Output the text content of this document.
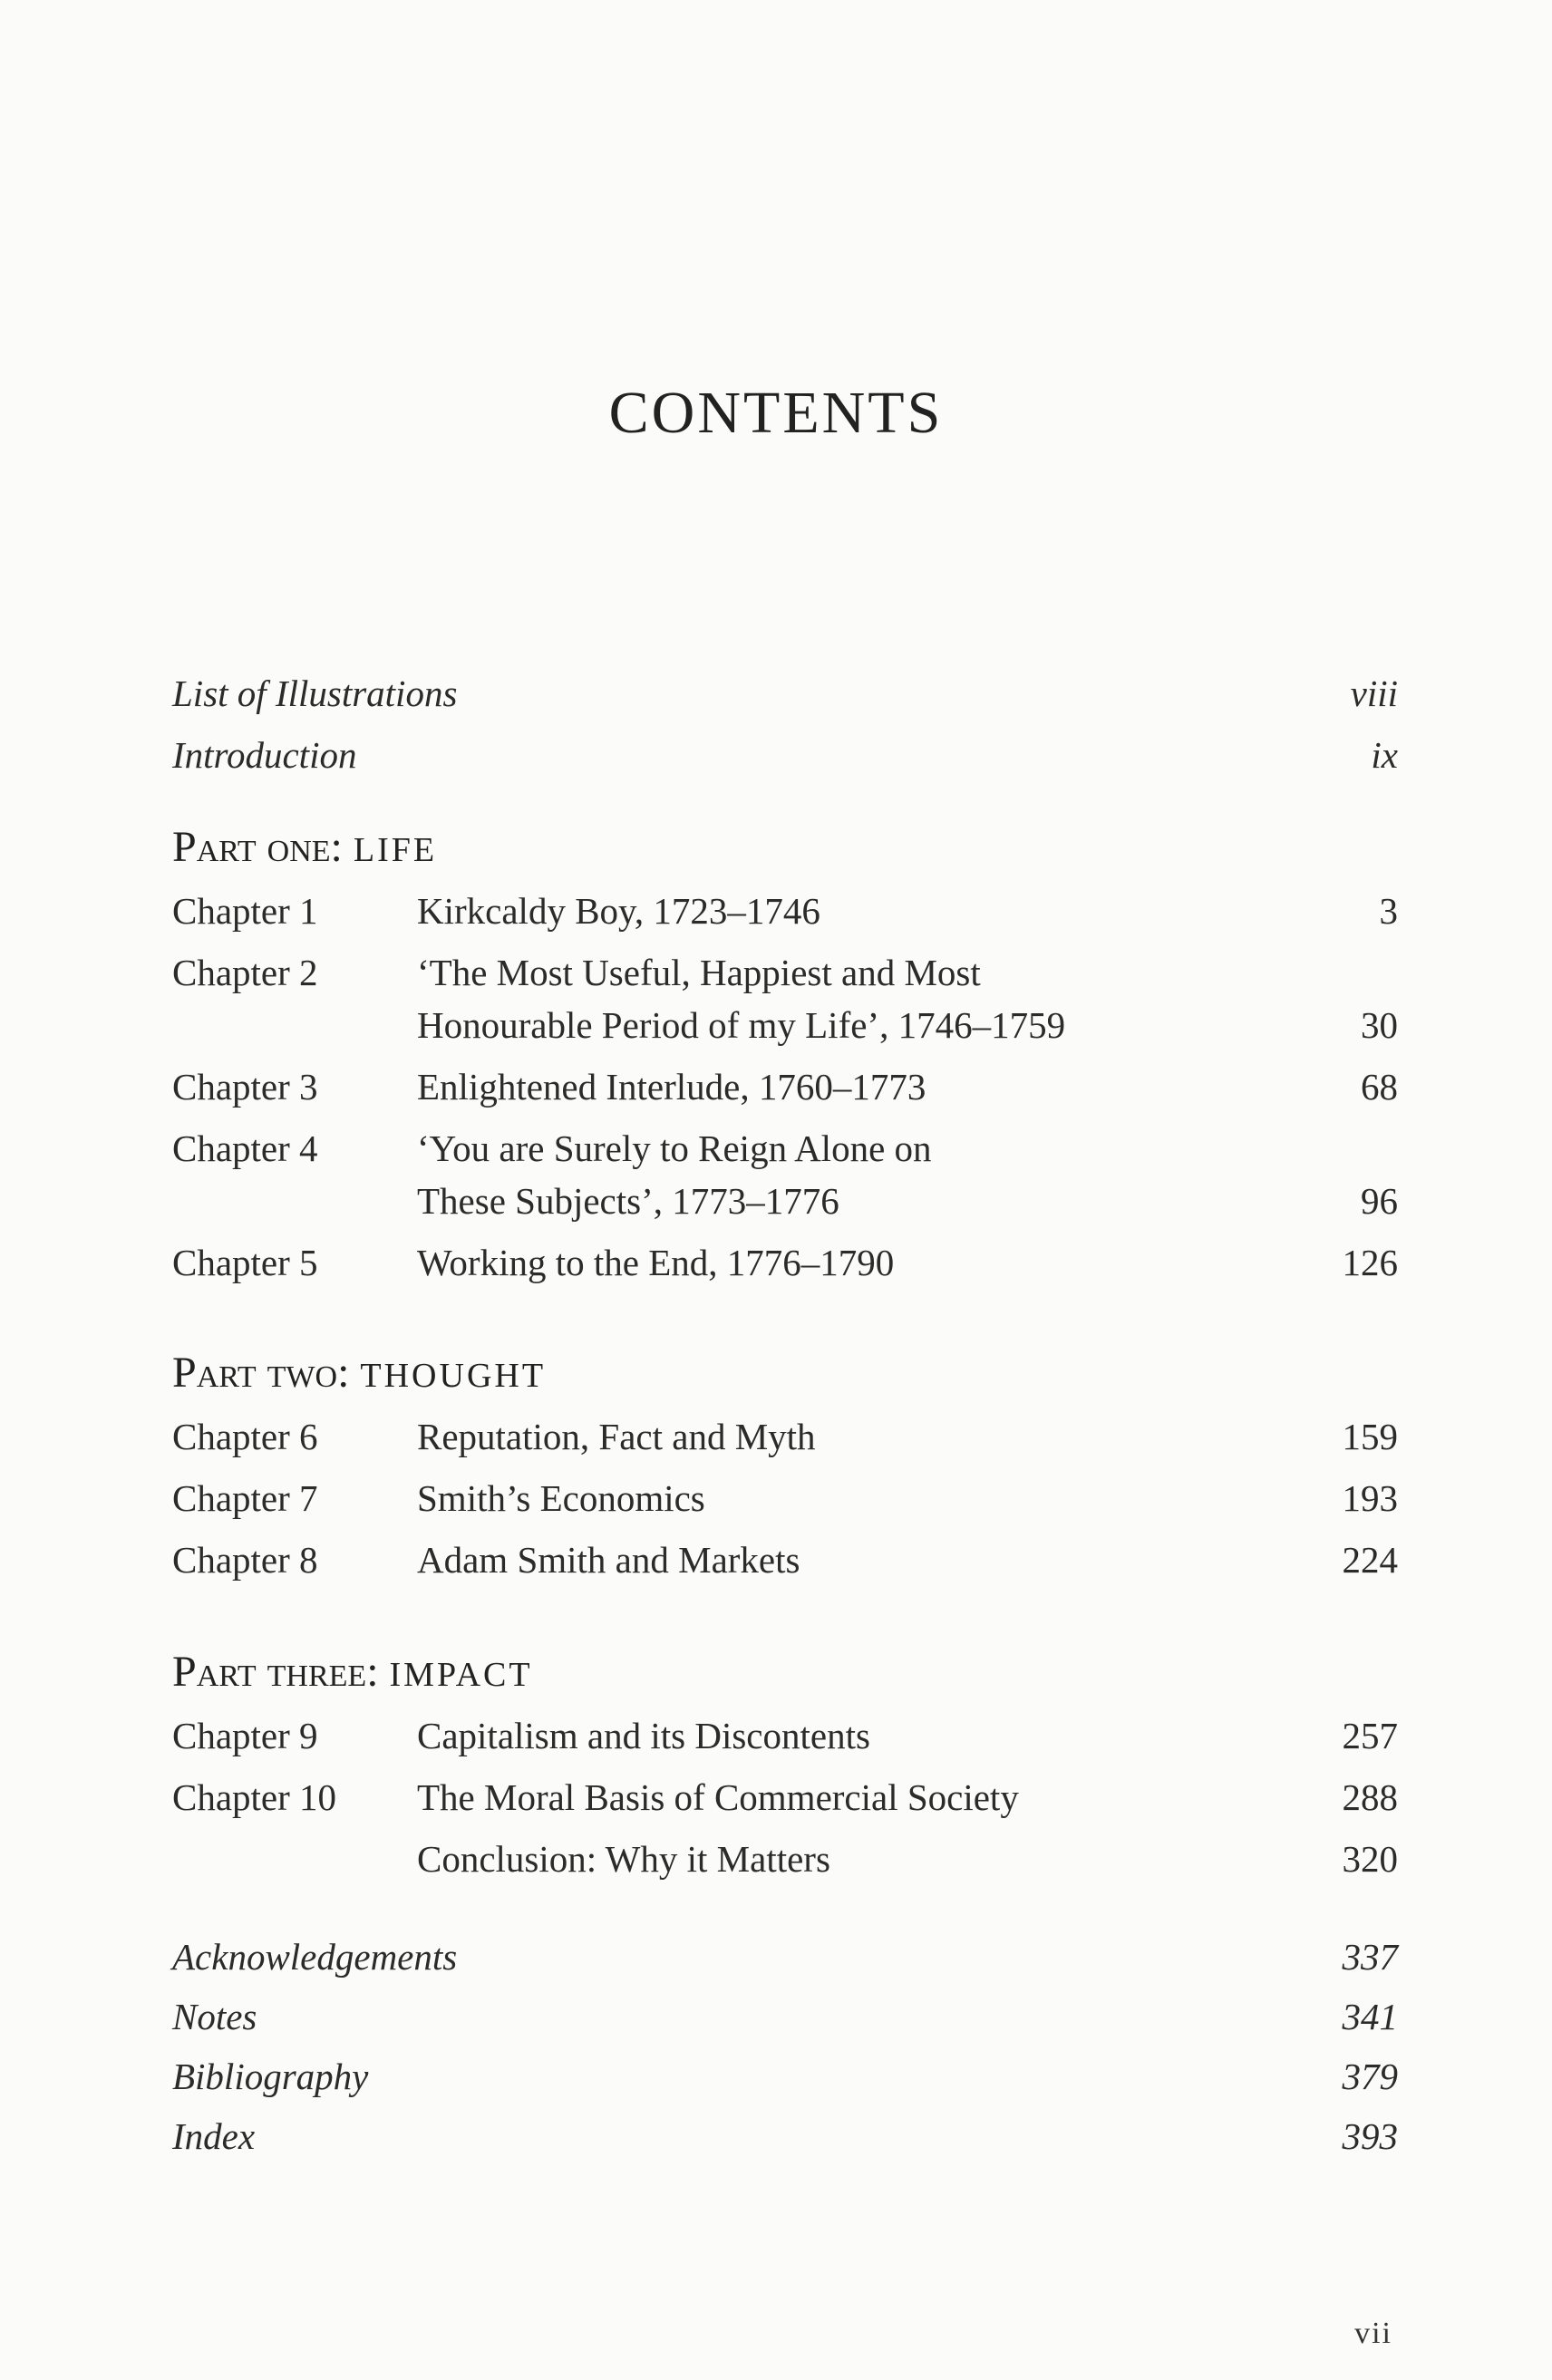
CONTENTS
List of Illustrations	viii
Introduction	ix
Part one: LIFE
Chapter 1	Kirkcaldy Boy, 1723–1746	3
Chapter 2	‘The Most Useful, Happiest and Most
Honourable Period of my Life’, 1746–1759	30
Chapter 3	Enlightened Interlude, 1760–1773	68
Chapter 4	‘You are Surely to Reign Alone on
These Subjects’, 1773–1776	96
Chapter 5	Working to the End, 1776–1790	126
Part two: THOUGHT
Chapter 6	Reputation, Fact and Myth	159
Chapter 7	Smith’s Economics	193
Chapter 8	Adam Smith and Markets	224
Part three: IMPACT
Chapter 9	Capitalism and its Discontents	257
Chapter 10 The Moral Basis of Commercial Society	288
Conclusion: Why it Matters	320
Acknowledgements	337
Notes	341
Bibliography	379
Index	393
vii
